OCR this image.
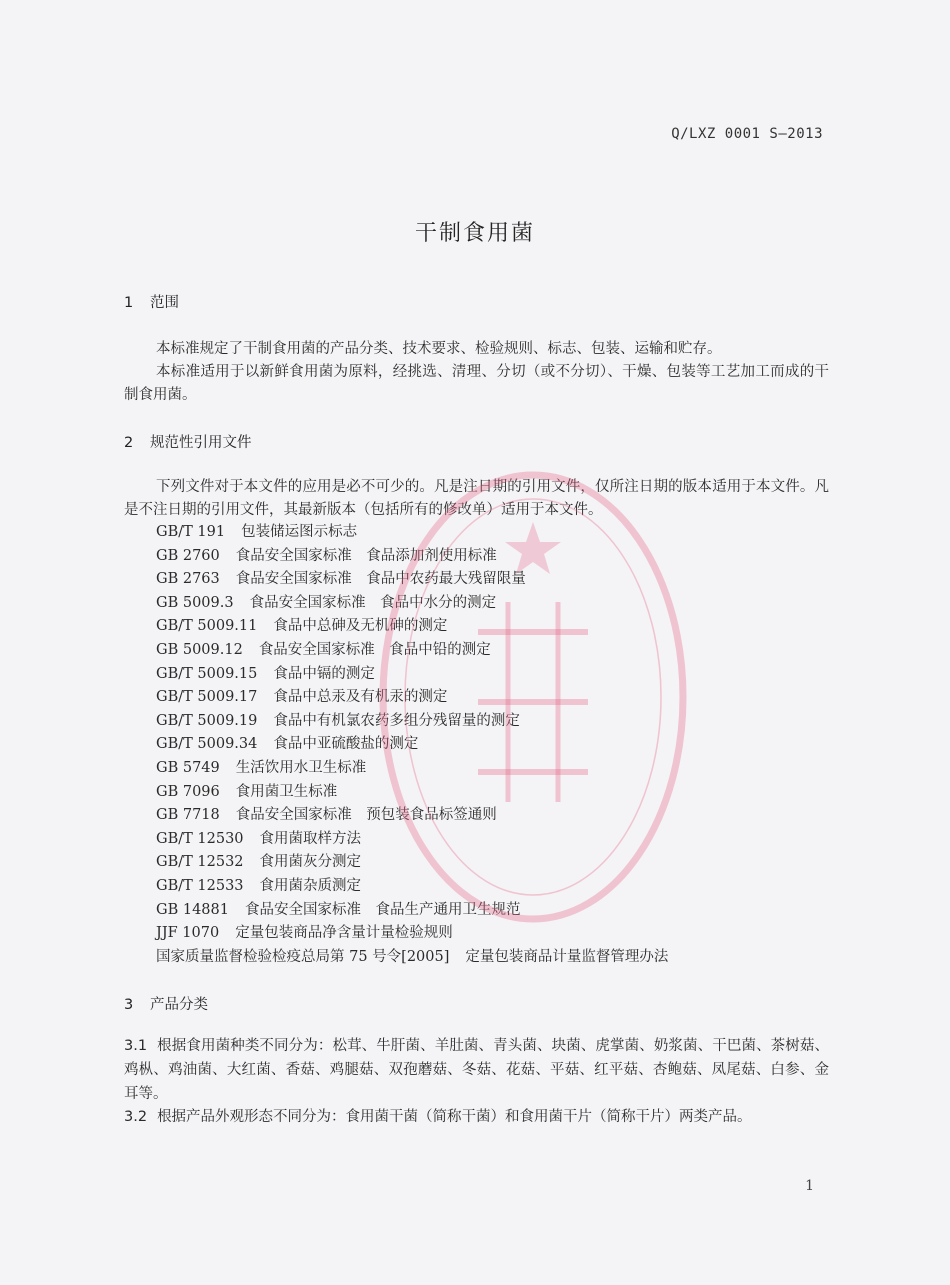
Q/LXZ 0001 S—2013
干制食用菌
1 范围
本标准规定了干制食用菌的产品分类、技术要求、检验规则、标志、包装、运输和贮存。
本标准适用于以新鲜食用菌为原料，经挑选、清理、分切（或不分切）、干燥、包装等工艺加工而成的干制食用菌。
2 规范性引用文件
下列文件对于本文件的应用是必不可少的。凡是注日期的引用文件，仅所注日期的版本适用于本文件。凡是不注日期的引用文件，其最新版本（包括所有的修改单）适用于本文件。
GB/T 191 包装储运图示标志
GB 2760 食品安全国家标准　食品添加剂使用标准
GB 2763 食品安全国家标准　食品中农药最大残留限量
GB 5009.3 食品安全国家标准　食品中水分的测定
GB/T 5009.11 食品中总砷及无机砷的测定
GB 5009.12 食品安全国家标准　食品中铅的测定
GB/T 5009.15 食品中镉的测定
GB/T 5009.17 食品中总汞及有机汞的测定
GB/T 5009.19 食品中有机氯农药多组分残留量的测定
GB/T 5009.34 食品中亚硫酸盐的测定
GB 5749 生活饮用水卫生标准
GB 7096 食用菌卫生标准
GB 7718 食品安全国家标准　预包装食品标签通则
GB/T 12530 食用菌取样方法
GB/T 12532 食用菌灰分测定
GB/T 12533 食用菌杂质测定
GB 14881 食品安全国家标准　食品生产通用卫生规范
JJF 1070 定量包装商品净含量计量检验规则
国家质量监督检验检疫总局第 75 号令[2005] 定量包装商品计量监督管理办法
3 产品分类
3.1 根据食用菌种类不同分为：松茸、牛肝菌、羊肚菌、青头菌、块菌、虎掌菌、奶浆菌、干巴菌、茶树菇、鸡枞、鸡油菌、大红菌、香菇、鸡腿菇、双孢蘑菇、冬菇、花菇、平菇、红平菇、杏鲍菇、凤尾菇、白参、金耳等。
3.2 根据产品外观形态不同分为：食用菌干菌（简称干菌）和食用菌干片（简称干片）两类产品。
1
